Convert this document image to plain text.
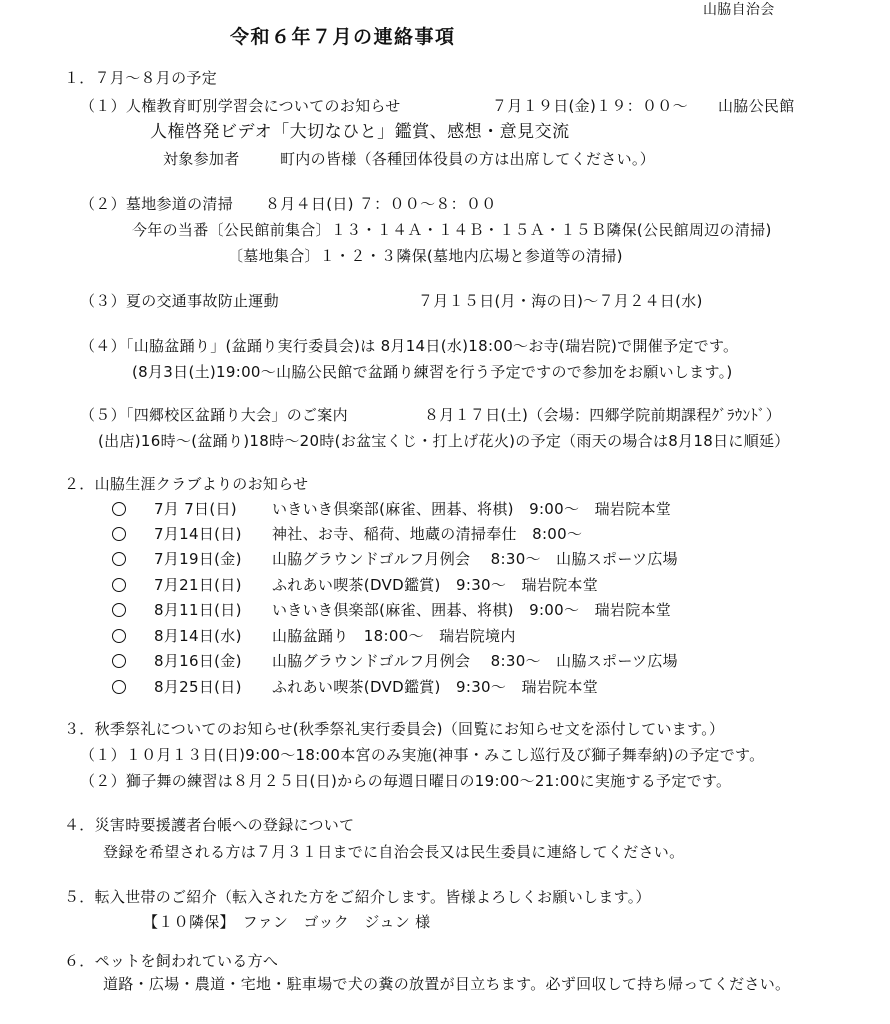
山脇自治会
令和６年７月の連絡事項
１．７月～８月の予定
（１）人権教育町別学習会についてのお知らせ	７月１９日(金)１９：００～ 山脇公民館
人権啓発ビデオ「大切なひと」鑑賞、感想・意見交流
対象参加者	町内の皆様（各種団体役員の方は出席してください。）
（２）墓地参道の清掃 ８月４日(日) ７：００～８：００
今年の当番〔公民館前集合〕１３・１４Ａ・１４Ｂ・１５Ａ・１５Ｂ隣保(公民館周辺の清掃)
〔墓地集合〕１・２・３隣保(墓地内広場と参道等の清掃)
（３）夏の交通事故防止運動	７月１５日(月・海の日)～７月２４日(水)
（４）「山脇盆踊り」(盆踊り実行委員会)は 8月14日(水)18:00～お寺(瑞岩院)で開催予定です。
(8月3日(土)19:00～山脇公民館で盆踊り練習を行う予定ですので参加をお願いします。)
（５）「四郷校区盆踊り大会」のご案内	８月１７日(土)（会場：四郷学院前期課程ｸﾞﾗｳﾝﾄﾞ）
(出店)16時～(盆踊り)18時～20時(お盆宝くじ・打上げ花火)の予定（雨天の場合は8月18日に順延）
２．山脇生涯クラブよりのお知らせ
7月 7日(日) いきいき倶楽部(麻雀、囲碁、将棋)　9:00～　瑞岩院本堂
7月14日(日) 神社、お寺、稲荷、地蔵の清掃奉仕　8:00～
7月19日(金) 山脇グラウンドゴルフ月例会　 8:30～　山脇スポーツ広場
7月21日(日) ふれあい喫茶(DVD鑑賞)　9:30～　瑞岩院本堂
8月11日(日) いきいき倶楽部(麻雀、囲碁、将棋)　9:00～　瑞岩院本堂
8月14日(水) 山脇盆踊り　18:00～　瑞岩院境内
8月16日(金) 山脇グラウンドゴルフ月例会　 8:30～　山脇スポーツ広場
8月25日(日) ふれあい喫茶(DVD鑑賞)　9:30～　瑞岩院本堂
３．秋季祭礼についてのお知らせ(秋季祭礼実行委員会)（回覧にお知らせ文を添付しています。）
（１）１０月１３日(日)9:00～18:00本宮のみ実施(神事・みこし巡行及び獅子舞奉納)の予定です。
（２）獅子舞の練習は８月２５日(日)からの毎週日曜日の19:00～21:00に実施する予定です。
４．災害時要援護者台帳への登録について
登録を希望される方は７月３１日までに自治会長又は民生委員に連絡してください。
５．転入世帯のご紹介（転入された方をご紹介します。皆様よろしくお願いします。）
【１０隣保】　ファン　ゴック　ジュン 様
６．ペットを飼われている方へ
道路・広場・農道・宅地・駐車場で犬の糞の放置が目立ちます。必ず回収して持ち帰ってください。
